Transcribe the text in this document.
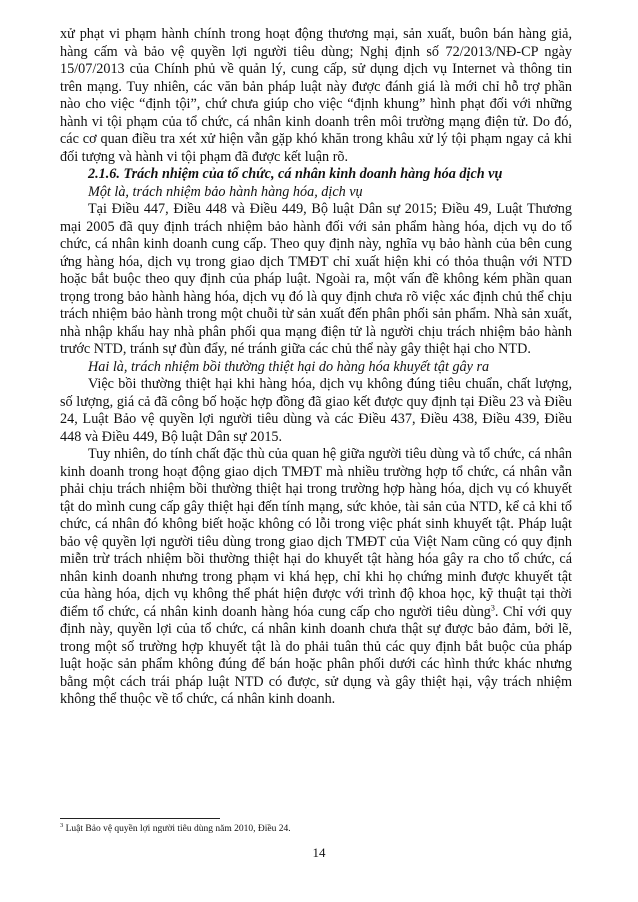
xử phạt vi phạm hành chính trong hoạt động thương mại, sản xuất, buôn bán hàng giả, hàng cấm và bảo vệ quyền lợi người tiêu dùng; Nghị định số 72/2013/NĐ-CP ngày 15/07/2013 của Chính phủ về quản lý, cung cấp, sử dụng dịch vụ Internet và thông tin trên mạng. Tuy nhiên, các văn bản pháp luật này được đánh giá là mới chỉ hỗ trợ phần nào cho việc “định tội”, chứ chưa giúp cho việc “định khung” hình phạt đối với những hành vi tội phạm của tổ chức, cá nhân kinh doanh trên môi trường mạng điện tử. Do đó, các cơ quan điều tra xét xử hiện vẫn gặp khó khăn trong khâu xử lý tội phạm ngay cả khi đối tượng và hành vi tội phạm đã được kết luận rõ.

2.1.6. Trách nhiệm của tổ chức, cá nhân kinh doanh hàng hóa dịch vụ

Một là, trách nhiệm bảo hành hàng hóa, dịch vụ

Tại Điều 447, Điều 448 và Điều 449, Bộ luật Dân sự 2015; Điều 49, Luật Thương mại 2005 đã quy định trách nhiệm bảo hành đối với sản phẩm hàng hóa, dịch vụ do tổ chức, cá nhân kinh doanh cung cấp. Theo quy định này, nghĩa vụ bảo hành của bên cung ứng hàng hóa, dịch vụ trong giao dịch TMĐT chỉ xuất hiện khi có thỏa thuận với NTD hoặc bắt buộc theo quy định của pháp luật. Ngoài ra, một vấn đề không kém phần quan trọng trong bảo hành hàng hóa, dịch vụ đó là quy định chưa rõ việc xác định chủ thể chịu trách nhiệm bảo hành trong một chuỗi từ sản xuất đến phân phối sản phẩm. Nhà sản xuất, nhà nhập khẩu hay nhà phân phối qua mạng điện tử là người chịu trách nhiệm bảo hành trước NTD, tránh sự đùn đẩy, né tránh giữa các chủ thể này gây thiệt hại cho NTD.

Hai là, trách nhiệm bồi thường thiệt hại do hàng hóa khuyết tật gây ra

Việc bồi thường thiệt hại khi hàng hóa, dịch vụ không đúng tiêu chuẩn, chất lượng, số lượng, giá cả đã công bố hoặc hợp đồng đã giao kết được quy định tại Điều 23 và Điều 24, Luật Bảo vệ quyền lợi người tiêu dùng và các Điều 437, Điều 438, Điều 439, Điều 448 và Điều 449, Bộ luật Dân sự 2015.

Tuy nhiên, do tính chất đặc thù của quan hệ giữa người tiêu dùng và tổ chức, cá nhân kinh doanh trong hoạt động giao dịch TMĐT mà nhiều trường hợp tổ chức, cá nhân vẫn phải chịu trách nhiệm bồi thường thiệt hại trong trường hợp hàng hóa, dịch vụ có khuyết tật do mình cung cấp gây thiệt hại đến tính mạng, sức khỏe, tài sản của NTD, kể cả khi tổ chức, cá nhân đó không biết hoặc không có lỗi trong việc phát sinh khuyết tật. Pháp luật bảo vệ quyền lợi người tiêu dùng trong giao dịch TMĐT của Việt Nam cũng có quy định miễn trừ trách nhiệm bồi thường thiệt hại do khuyết tật hàng hóa gây ra cho tổ chức, cá nhân kinh doanh nhưng trong phạm vi khá hẹp, chỉ khi họ chứng minh được khuyết tật của hàng hóa, dịch vụ không thể phát hiện được với trình độ khoa học, kỹ thuật tại thời điểm tổ chức, cá nhân kinh doanh hàng hóa cung cấp cho người tiêu dùng$^3$. Chỉ với quy định này, quyền lợi của tổ chức, cá nhân kinh doanh chưa thật sự được bảo đảm, bởi lẽ, trong một số trường hợp khuyết tật là do phải tuân thủ các quy định bắt buộc của pháp luật hoặc sản phẩm không đúng để bán hoặc phân phối dưới các hình thức khác nhưng bằng một cách trái pháp luật NTD có được, sử dụng và gây thiệt hại, vậy trách nhiệm không thể thuộc về tổ chức, cá nhân kinh doanh.

$^3$ Luật Bảo vệ quyền lợi người tiêu dùng năm 2010, Điều 24.
14
